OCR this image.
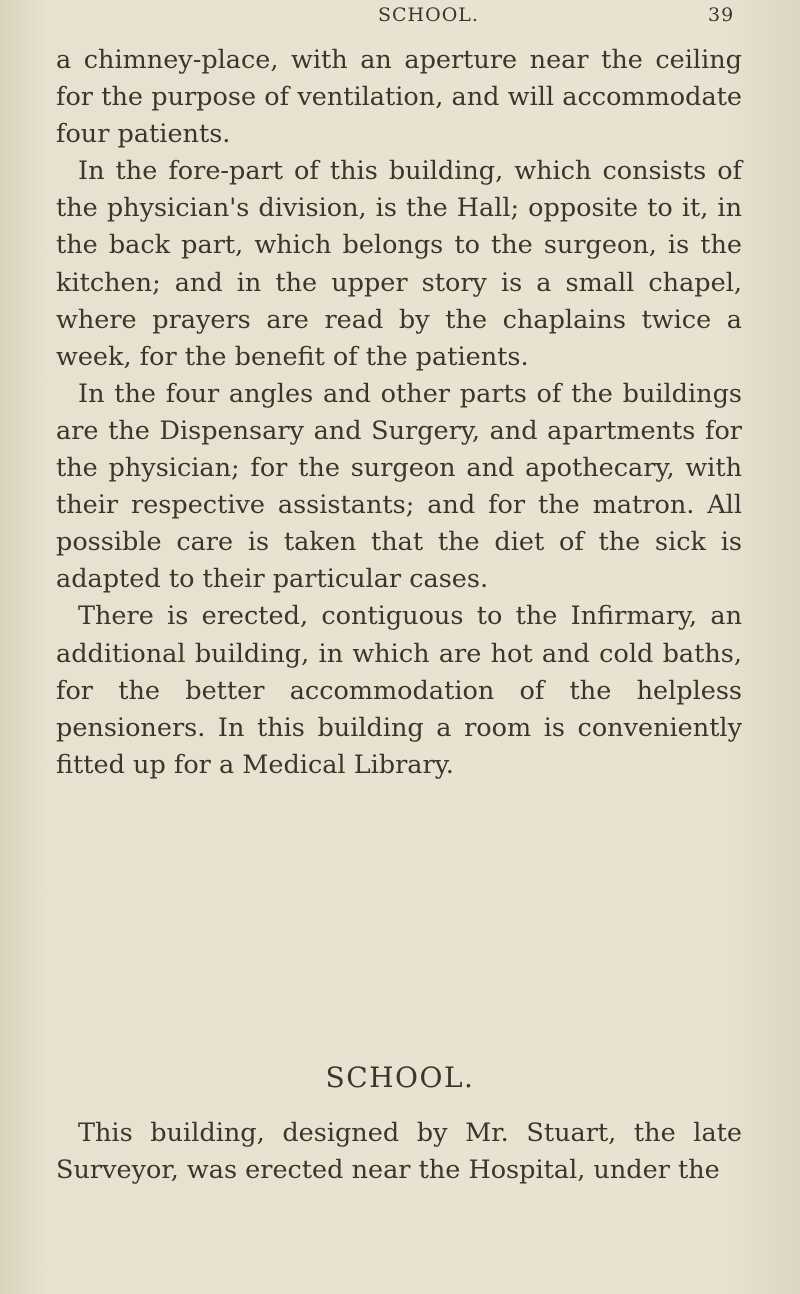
SCHOOL.	39

a chimney-place, with an aperture near the ceiling for the purpose of ventilation, and will accommodate four patients.

In the fore-part of this building, which consists of the physician's division, is the Hall; opposite to it, in the back part, which belongs to the surgeon, is the kitchen; and in the upper story is a small chapel, where prayers are read by the chaplains twice a week, for the benefit of the patients.

In the four angles and other parts of the buildings are the Dispensary and Surgery, and apartments for the physician; for the surgeon and apothecary, with their respective assistants; and for the matron. All possible care is taken that the diet of the sick is adapted to their particular cases.

There is erected, contiguous to the Infirmary, an additional building, in which are hot and cold baths, for the better accommodation of the helpless pensioners. In this building a room is conveniently fitted up for a Medical Library.

SCHOOL.

This building, designed by Mr. Stuart, the late Surveyor, was erected near the Hospital, under the
